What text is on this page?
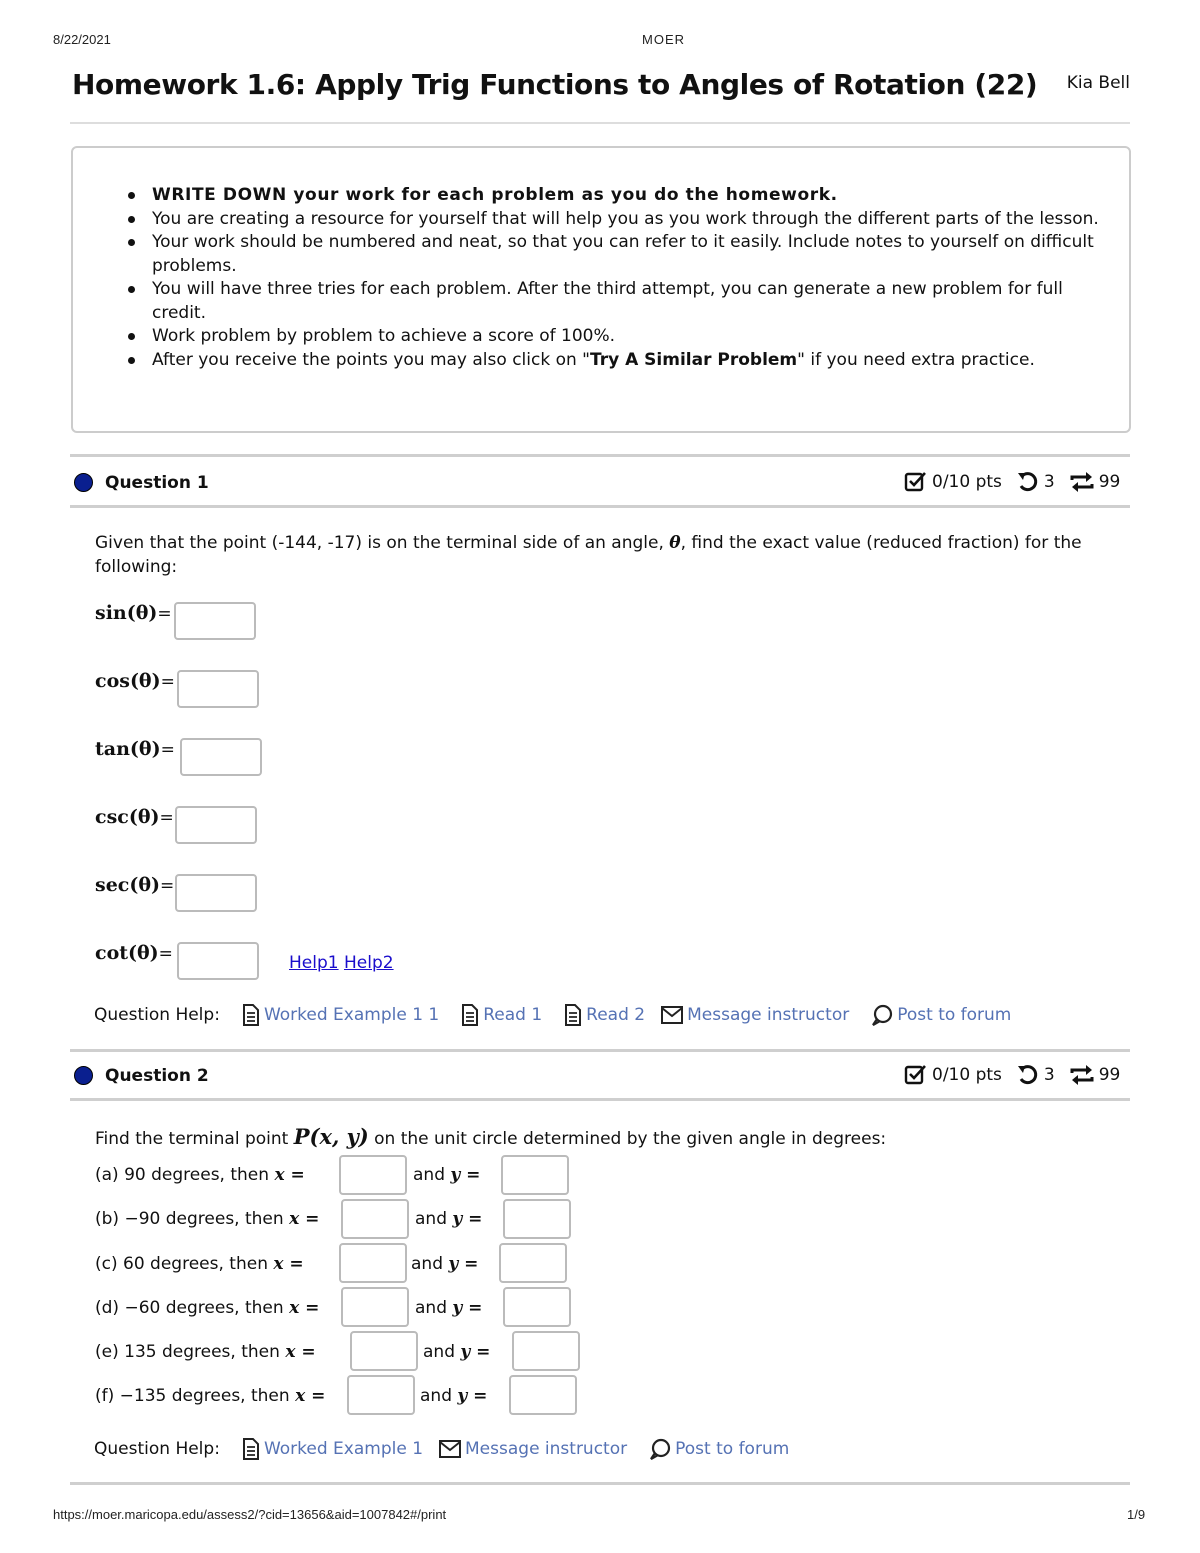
8/22/2021	MOER
Homework 1.6: Apply Trig Functions to Angles of Rotation (22) Kia Bell
WRITE DOWN your work for each problem as you do the homework.
You are creating a resource for yourself that will help you as you work through the different parts of the lesson.
Your work should be numbered and neat, so that you can refer to it easily. Include notes to yourself on difficult problems.
You will have three tries for each problem. After the third attempt, you can generate a new problem for full credit.
Work problem by problem to achieve a score of 100%.
After you receive the points you may also click on "Try A Similar Problem" if you need extra practice.
Question 1	0/10 pts 3	99
Given that the point (-144, -17) is on the terminal side of an angle, θ, find the exact value (reduced fraction) for the following:
sin(θ)=
cos(θ)=
tan(θ)=
csc(θ)=
sec(θ)=
cot(θ)=	Help1 Help2
Question Help:	Worked Example 1 1	Read 1	Read 2 Message instructor	Post to forum
Question 2	0/10 pts 3	99
Find the terminal point P(x, y) on the unit circle determined by the given angle in degrees:
(a) 90 degrees, then x =	and y =
(b) −90 degrees, then x =	and y =
(c) 60 degrees, then x =	and y =
(d) −60 degrees, then x =	and y =
(e) 135 degrees, then x =	and y =
(f) −135 degrees, then x =	and y =
Question Help:	Worked Example 1 Message instructor	Post to forum
https://moer.maricopa.edu/assess2/?cid=13656&aid=1007842#/print	1/9
